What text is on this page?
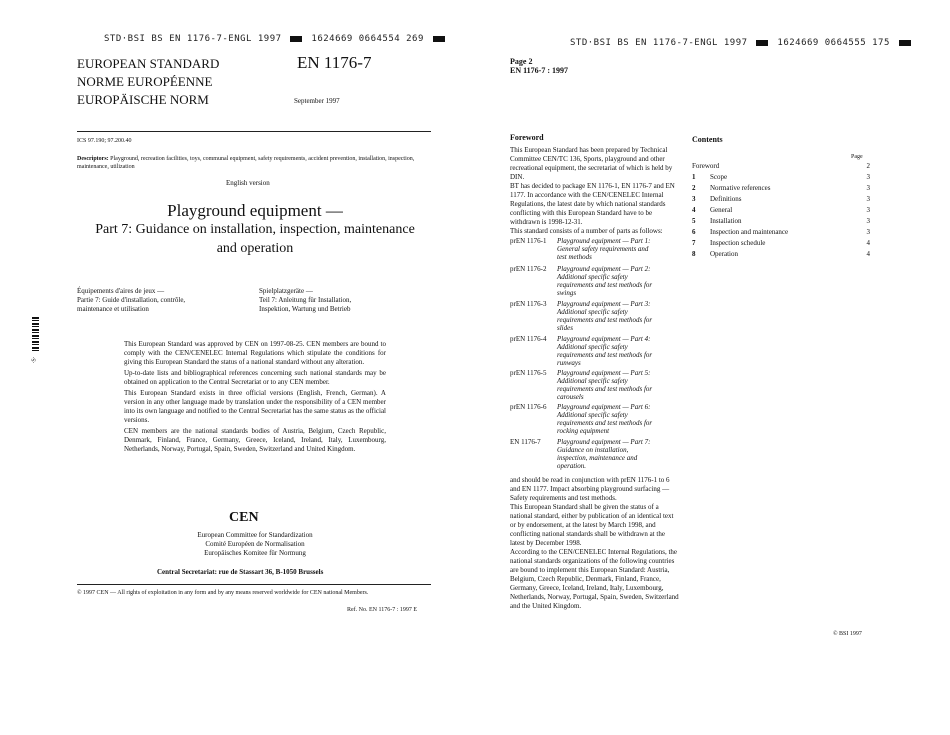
STD·BSI BS EN 1176-7-ENGL 1997	1624669 0664554 269
EUROPEAN STANDARD
NORME EUROPÉENNE
EUROPÄISCHE NORM
EN 1176-7
September 1997
ICS 97.190; 97.200.40
Descriptors: Playground, recreation facilities, toys, communal equipment, safety requirements, accident prevention, installation, inspection, maintenance, utilization
English version
Playground equipment —
Part 7: Guidance on installation, inspection, maintenance
and operation
Équipements d'aires de jeux —
Partie 7: Guide d'installation, contrôle,
maintenance et utilisation
Spielplatzgeräte —
Teil 7: Anleitung für Installation,
Inspektion, Wartung und Betrieb
·S·

This European Standard was approved by CEN on 1997-08-25. CEN members are bound to comply with the CEN/CENELEC Internal Regulations which stipulate the conditions for giving this European Standard the status of a national standard without any alteration.

Up-to-date lists and bibliographical references concerning such national standards may be obtained on application to the Central Secretariat or to any CEN member.

This European Standard exists in three official versions (English, French, German). A version in any other language made by translation under the responsibility of a CEN member into its own language and notified to the Central Secretariat has the same status as the official versions.

CEN members are the national standards bodies of Austria, Belgium, Czech Republic, Denmark, Finland, France, Germany, Greece, Iceland, Ireland, Italy, Luxembourg, Netherlands, Norway, Portugal, Spain, Sweden, Switzerland and United Kingdom.

CEN
European Committee for Standardization
Comité Européen de Normalisation
Europäisches Komitee für Normung
Central Secretariat: rue de Stassart 36, B-1050 Brussels
© 1997 CEN — All rights of exploitation in any form and by any means reserved worldwide for CEN national Members.
Ref. No. EN 1176-7 : 1997 E
STD·BSI BS EN 1176-7-ENGL 1997	1624669 0664555 175
Page 2
EN 1176-7 : 1997
Foreword

This European Standard has been prepared by Technical Committee CEN/TC 136, Sports, playground and other recreational equipment, the secretariat of which is held by DIN.

BT has decided to package EN 1176-1, EN 1176-7 and EN 1177. In accordance with the CEN/CENELEC Internal Regulations, the latest date by which national standards conflicting with this European Standard have to be withdrawn is 1998-12-31.

This standard consists of a number of parts as follows:

prEN 1176-1 Playground equipment — Part 1: General safety requirements and test methods
prEN 1176-2 Playground equipment — Part 2: Additional specific safety requirements and test methods for swings
prEN 1176-3 Playground equipment — Part 3: Additional specific safety requirements and test methods for slides
prEN 1176-4 Playground equipment — Part 4: Additional specific safety requirements and test methods for runways
prEN 1176-5 Playground equipment — Part 5: Additional specific safety requirements and test methods for carousels
prEN 1176-6 Playground equipment — Part 6: Additional specific safety requirements and test methods for rocking equipment
EN 1176-7 Playground equipment — Part 7: Guidance on installation, inspection, maintenance and operation.

and should be read in conjunction with prEN 1176-1 to 6 and EN 1177. Impact absorbing playground surfacing — Safety requirements and test methods.

This European Standard shall be given the status of a national standard, either by publication of an identical text or by endorsement, at the latest by March 1998, and conflicting national standards shall be withdrawn at the latest by December 1998.

According to the CEN/CENELEC Internal Regulations, the national standards organizations of the following countries are bound to implement this European Standard: Austria, Belgium, Czech Republic, Denmark, Finland, France, Germany, Greece, Iceland, Ireland, Italy, Luxembourg, Netherlands, Norway, Portugal, Spain, Sweden, Switzerland and the United Kingdom.

Contents
Page
Foreword	2
1	Scope	3
2	Normative references	3
3	Definitions	3
4	General	3
5	Installation	3
6	Inspection and maintenance	3
7	Inspection schedule	4
8	Operation	4
© BSI 1997
